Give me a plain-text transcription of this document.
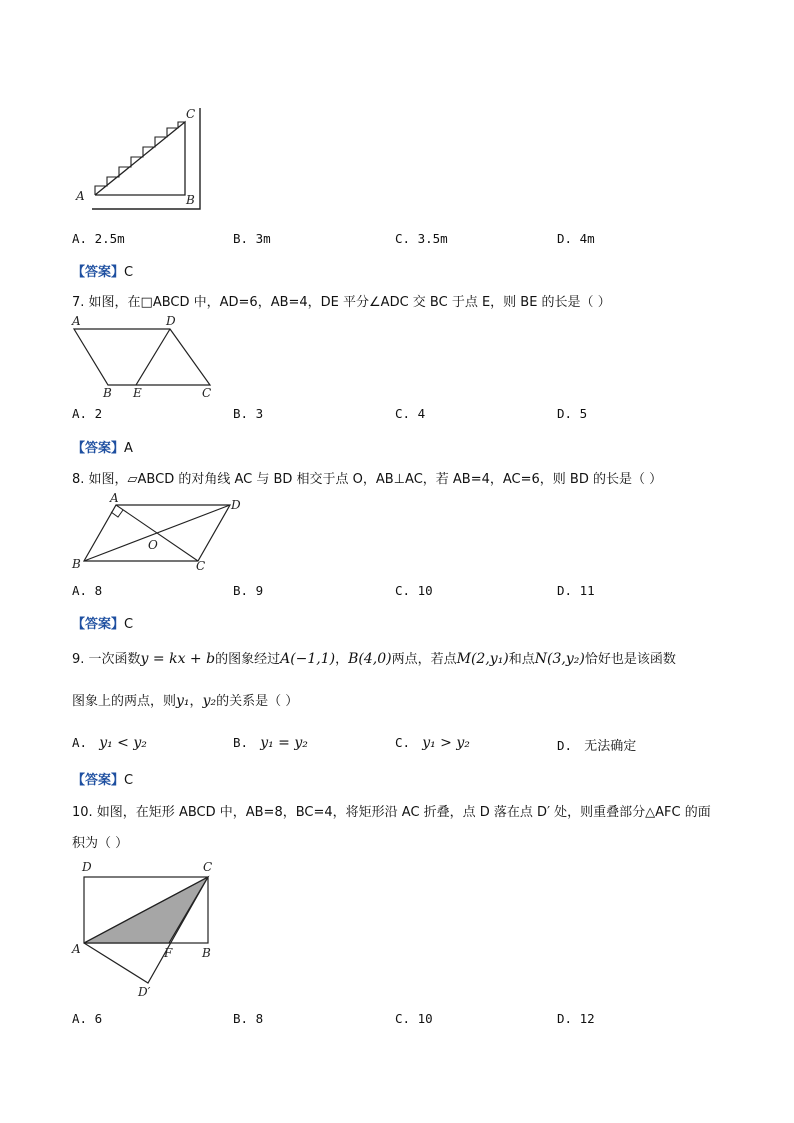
A	B
C
A. 2.5m	B. 3m	C. 3.5m	D. 4m
【答案】C
7. 如图，在□ABCD 中，AD=6，AB=4，DE 平分∠ADC 交 BC 于点 E，则 BE 的长是（ ）
A	D
B E	C
A. 2	B. 3	C. 4	D. 5
【答案】A
8. 如图，▱ABCD 的对角线 AC 与 BD 相交于点 O，AB⊥AC，若 AB=4，AC=6，则 BD 的长是（ ）
A	D
O
B	C
A. 8	B. 9	C. 10	D. 11
【答案】C
9. 一次函数y = kx + b的图象经过A(−1,1)，B(4,0)两点，若点M(2,y₁)和点N(3,y₂)恰好也是该函数
图象上的两点，则y₁，y₂的关系是（ ）
A. y₁ < y₂	B. y₁ = y₂	C. y₁ > y₂	D. 无法确定
【答案】C
10. 如图，在矩形 ABCD 中，AB=8，BC=4，将矩形沿 AC 折叠，点 D 落在点 D′ 处，则重叠部分△AFC 的面
积为（ ）
D	C
A	F B
D′
A. 6	B. 8	C. 10	D. 12
